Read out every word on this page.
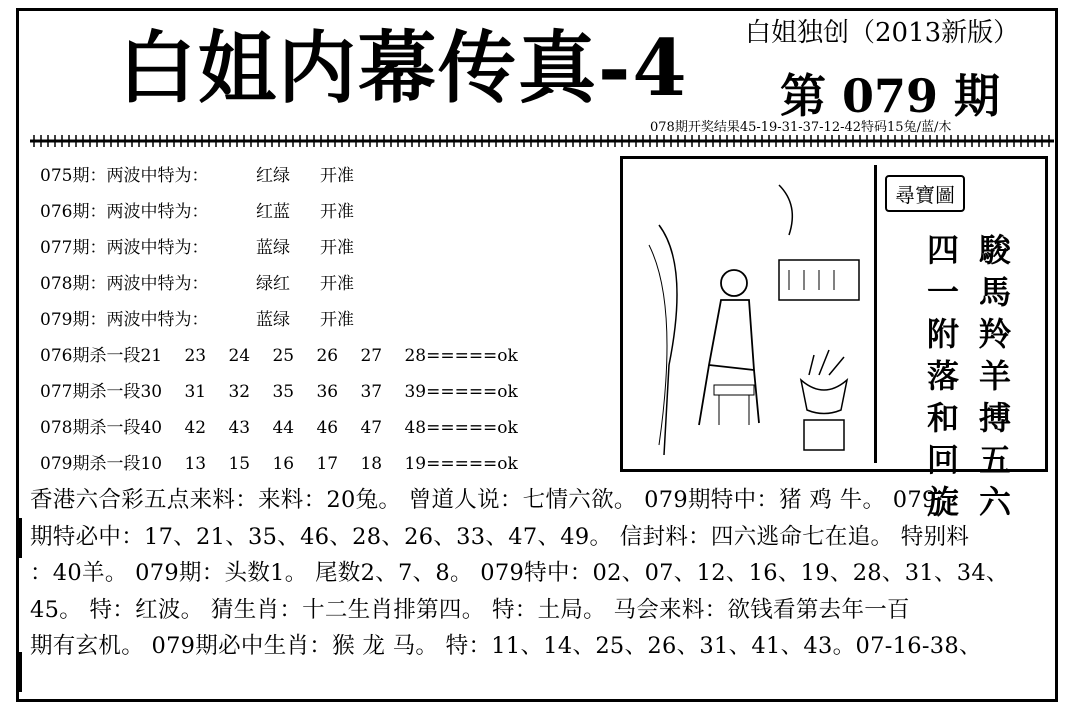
白姐内幕传真-4 白姐独创（2013新版）
第 079 期
078期开奖结果45-19-31-37-12-42特码15兔/蓝/木
075期：两波中特为：	红绿	开准
076期：两波中特为：	红蓝	开准
077期：两波中特为：	蓝绿	开准
078期：两波中特为：	绿红	开准
079期：两波中特为：	蓝绿	开准
076期杀一段 21	23	24	25	26	27	28=====ok
077期杀一段 30	31	32	35	36	37	39=====ok
078期杀一段 40	42	43	44	46	47	48=====ok
079期杀一段 10	13	15	16	17	18	19=====ok
尋寶圖
駿
馬
羚
羊
搏
五
六
四
一
附
落
和
回
旋
香港六合彩五点来料：来料：20兔。 曾道人说：七情六欲。 079期特中：猪 鸡 牛。 079
期特必中：17、21、35、46、28、26、33、47、49。 信封料：四六逃命七在追。 特别料
：40羊。 079期：头数1。 尾数2、7、8。 079特中：02、07、12、16、19、28、31、34、
45。 特：红波。 猜生肖：十二生肖排第四。 特：土局。 马会来料：欲钱看第去年一百
期有玄机。 079期必中生肖：猴 龙 马。 特：11、14、25、26、31、41、43。07-16-38、
